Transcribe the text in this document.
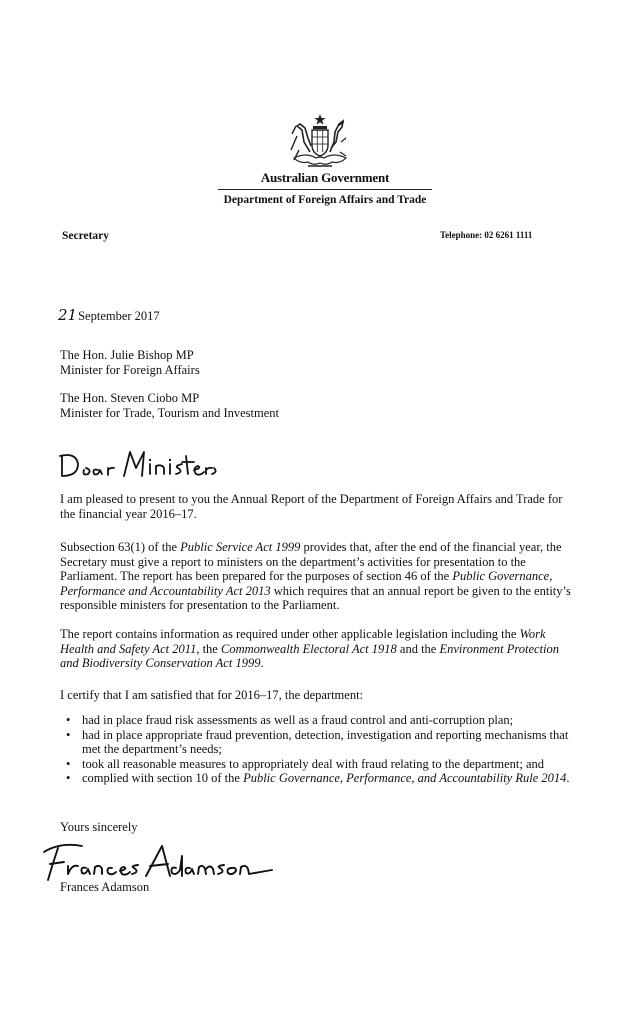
Australian Government
Department of Foreign Affairs and Trade
Secretary	Telephone: 02 6261 1111
21September 2017
The Hon. Julie Bishop MP
Minister for Foreign Affairs
The Hon. Steven Ciobo MP
Minister for Trade, Tourism and Investment
I am pleased to present to you the Annual Report of the Department of Foreign Affairs and Trade for the financial year 2016–17.
Subsection 63(1) of the Public Service Act 1999 provides that, after the end of the financial year, the Secretary must give a report to ministers on the department’s activities for presentation to the Parliament. The report has been prepared for the purposes of section 46 of the Public Governance, Performance and Accountability Act 2013 which requires that an annual report be given to the entity’s responsible ministers for presentation to the Parliament.
The report contains information as required under other applicable legislation including the Work Health and Safety Act 2011, the Commonwealth Electoral Act 1918 and the Environment Protection and Biodiversity Conservation Act 1999.
I certify that I am satisfied that for 2016–17, the department:
• had in place fraud risk assessments as well as a fraud control and anti-corruption plan;
• had in place appropriate fraud prevention, detection, investigation and reporting mechanisms that met the department’s needs;
• took all reasonable measures to appropriately deal with fraud relating to the department; and
• complied with section 10 of the Public Governance, Performance, and Accountability Rule 2014.
Yours sincerely
Frances Adamson
